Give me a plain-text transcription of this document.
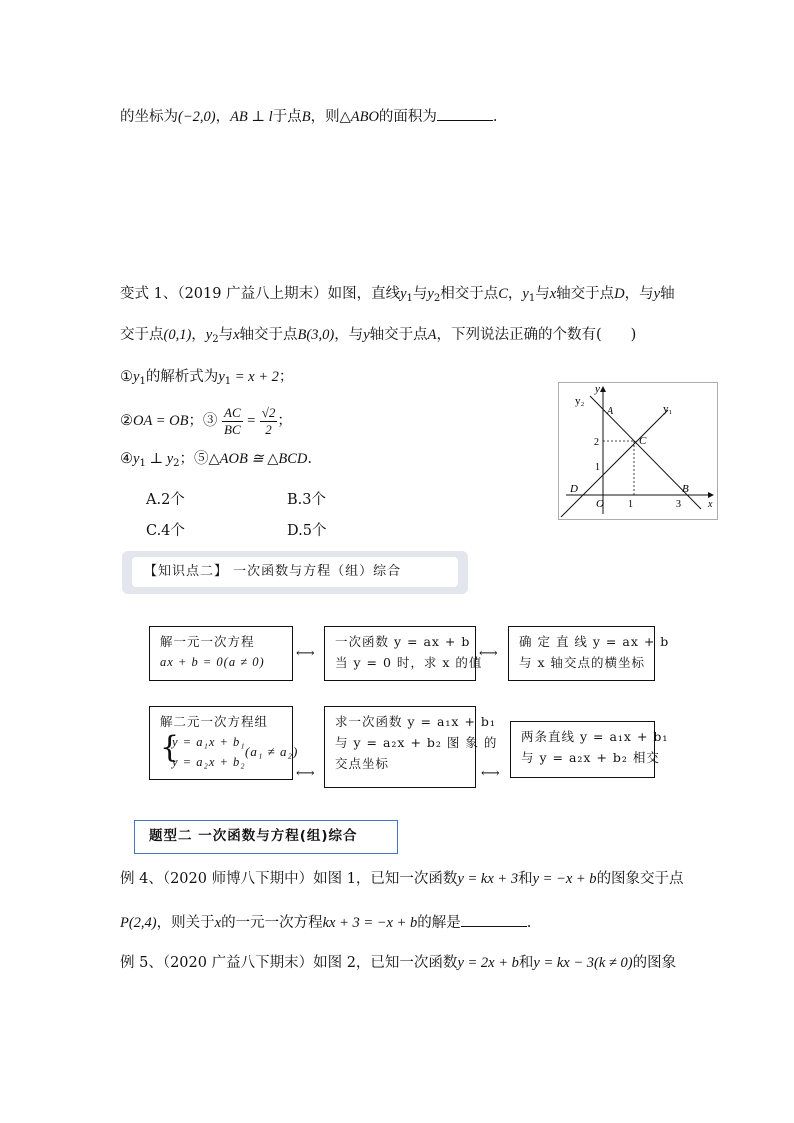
的坐标为(−2,0)，AB ⊥ l于点B，则△ABO的面积为	.
变式 1、（2019 广益八上期末）如图，直线$y_1$与$y_2$相交于点C，$y_1$与x轴交于点D，与y轴
交于点(0,1)，$y_2$与x轴交于点B(3,0)，与y轴交于点A，下列说法正确的个数有(　　)
$①y_1$的解析式为$y_1 = x + 2$；
②OA = OB；③ $\frac{AC}{BC} = \frac{√2}{2}$ ；
$④y_1$ ⊥ $y_2$；⑤△AOB ≅ △BCD.
A.2个	B.3个
C.4个	D.5个
y
y₂
y₁
A
C
D	B
O
2
1
1	3	x
【知识点二】 一次函数与方程（组）综合
解一元一次方程
ax + b = 0(a ≠ 0)
⟷
一次函数 y = ax + b
当 y = 0 时，求 x 的值
⟷
确 定 直 线 y = ax + b
与 x 轴交点的横坐标
解二元一次方程组
{
y = a₁x + b₁
y = a₂x + b₂
(a₁ ≠ a₂)
⟷
求一次函数 y = a₁x + b₁
与 y = a₂x + b₂ 图 象 的
交点坐标
⟷
两条直线 y = a₁x + b₁
与 y = a₂x + b₂ 相交
题型二 一次函数与方程(组)综合
例 4、（2020 师博八下期中）如图 1，已知一次函数y = kx + 3和y = −x + b的图象交于点
P(2,4)，则关于x的一元一次方程kx + 3 = −x + b的解是	.
例 5、（2020 广益八下期末）如图 2，已知一次函数y = 2x + b和y = kx − 3(k ≠ 0)的图象
